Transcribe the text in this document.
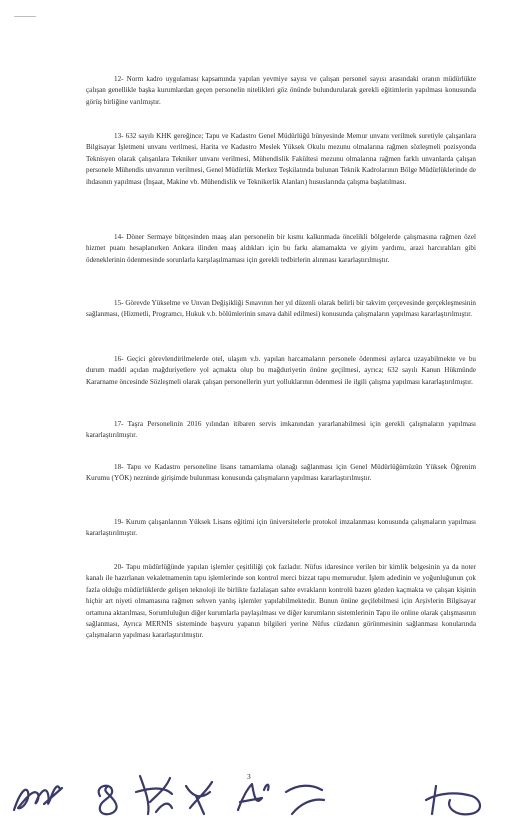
12- Norm kadro uygulaması kapsamında yapılan yevmiye sayısı ve çalışan personel sayısı arasındaki oranın müdürlükte çalışan genellikle başka kurumlardan geçen personelin nitelikleri göz önünde bulundurularak gerekli eğitimlerin yapılması konusunda görüş birliğine varılmıştır.

13- 632 sayılı KHK gereğince; Tapu ve Kadastro Genel Müdürlüğü bünyesinde Memur unvanı verilmek suretiyle çalışanlara Bilgisayar İşletmeni unvanı verilmesi, Harita ve Kadastro Meslek Yüksek Okulu mezunu olmalarına rağmen sözleşmeli pozisyonda Teknisyen olarak çalışanlara Tekniker unvanı verilmesi, Mühendislik Fakültesi mezunu olmalarına rağmen farklı unvanlarda çalışan personele Mühendis unvanının verilmesi, Genel Müdürlük Merkez Teşkilatında bulunan Teknik Kadrolarının Bölge Müdürlüklerinde de ihdasının yapılması (İnşaat, Makine vb. Mühendislik ve Teknikerlik Alanları) hususlarında çalışma başlatılması.

14- Döner Sermaye bütçesinden maaş alan personelin bir kısmı kalkınmada öncelikli bölgelerde çalışmasına rağmen özel hizmet puanı hesaplanırken Ankara ilinden maaş aldıkları için bu farkı alamamakta ve giyim yardımı, arazi harcırahları gibi ödeneklerinin ödenmesinde sorunlarla karşılaşılmaması için gerekli tedbirlerin alınması kararlaştırılmıştır.

15- Görevde Yükselme ve Unvan Değişikliği Sınavının her yıl düzenli olarak belirli bir takvim çerçevesinde gerçekleşmesinin sağlanması, (Hizmetli, Programcı, Hukuk v.b. bölümlerinin sınava dahil edilmesi) konusunda çalışmaların yapılması kararlaştırılmıştır.

16- Geçici görevlendirilmelerde otel, ulaşım v.b. yapılan harcamaların personele ödenmesi aylarca uzayabilmekte ve bu durum maddi açıdan mağduriyetlere yol açmakta olup bu mağduriyetin önüne geçilmesi, ayrıca; 632 sayılı Kanun Hükmünde Kararname öncesinde Sözleşmeli olarak çalışan personellerin yurt yolluklarının ödenmesi ile ilgili çalışma yapılması kararlaştırılmıştır.

17- Taşra Personelinin 2016 yılından itibaren servis imkanından yararlanabilmesi için gerekli çalışmaların yapılması kararlaştırılmıştır.

18- Tapu ve Kadastro personeline lisans tamamlama olanağı sağlanması için Genel Müdürlüğümüzün Yüksek Öğrenim Kurumu (YÖK) nezninde girişimde bulunması konusunda çalışmaların yapılması kararlaştırılmıştır.

19- Kurum çalışanlarının Yüksek Lisans eğitimi için üniversitelerle protokol imzalanması konusunda çalışmaların yapılması kararlaştırılmıştır.

20- Tapu müdürlüğünde yapılan işlemler çeşitliliği çok fazladır. Nüfus idaresince verilen bir kimlik belgesinin ya da noter kanalı ile hazırlanan vekaletnamenin tapu işlemlerinde son kontrol merci bizzat tapu memurudur. İşlem adedinin ve yoğunluğunun çok fazla olduğu müdürlüklerde gelişen teknoloji ile birlikte fazlalaşan sahte evrakların kontrolü bazen gözden kaçmakta ve çalışan kişinin hiçbir art niyeti olmamasına rağmen sehven yanlış işlemler yapılabilmektedir. Bunun önüne geçilebilmesi için Arşivlerin Bilgisayar ortamına aktarılması, Sorumluluğun diğer kurumlarla paylaşılması ve diğer kurumların sistemlerinin Tapu ile online olarak çalışmasının sağlanması, Ayrıca MERNİS sisteminde başvuru yapanın bilgileri yerine Nüfus cüzdanın görünmesinin sağlanması konularında çalışmaların yapılması kararlaştırılmıştır.

3
